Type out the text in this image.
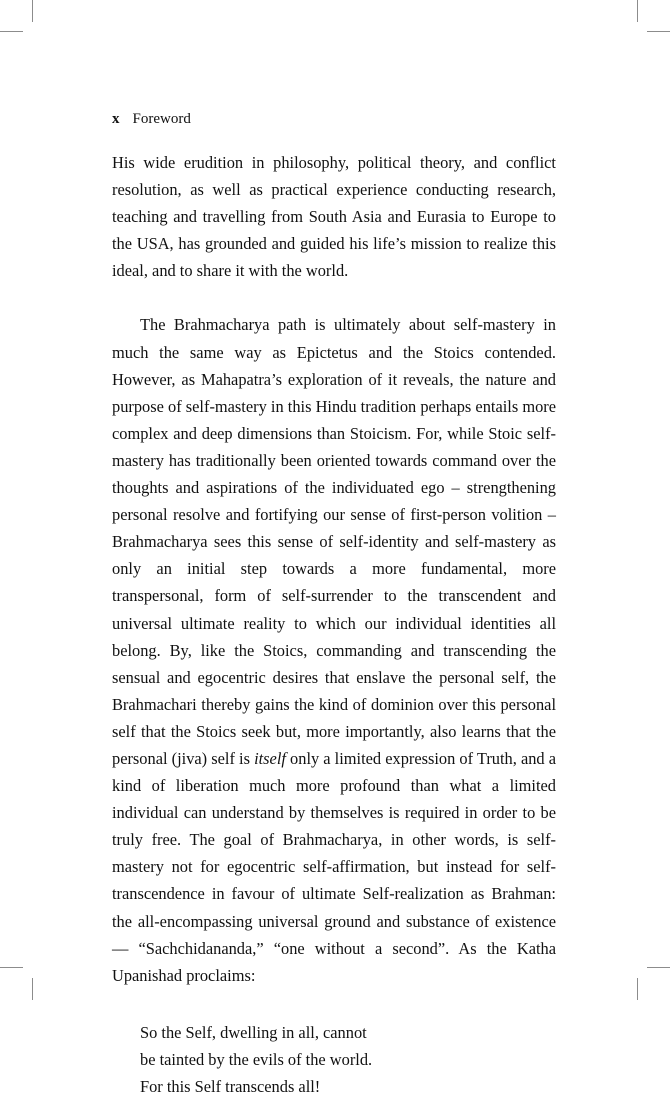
x Foreword

His wide erudition in philosophy, political theory, and conflict resolution, as well as practical experience conducting research, teaching and travelling from South Asia and Eurasia to Europe to the USA, has grounded and guided his life’s mission to realize this ideal, and to share it with the world.

The Brahmacharya path is ultimately about self-mastery in much the same way as Epictetus and the Stoics contended. However, as Mahapatra’s exploration of it reveals, the nature and purpose of self-mastery in this Hindu tradition perhaps entails more complex and deep dimensions than Stoicism. For, while Stoic self-mastery has traditionally been oriented towards command over the thoughts and aspirations of the individuated ego – strengthening personal resolve and fortifying our sense of first-person volition – Brahmacharya sees this sense of self-identity and self-mastery as only an initial step towards a more fundamental, more transpersonal, form of self-surrender to the transcendent and universal ultimate reality to which our individual identities all belong. By, like the Stoics, commanding and transcending the sensual and egocentric desires that enslave the personal self, the Brahmachari thereby gains the kind of dominion over this personal self that the Stoics seek but, more importantly, also learns that the personal (jiva) self is itself only a limited expression of Truth, and a kind of liberation much more profound than what a limited individual can understand by themselves is required in order to be truly free. The goal of Brahmacharya, in other words, is self-mastery not for egocentric self-affirmation, but instead for self-transcendence in favour of ultimate Self-realization as Brahman: the all-encompassing universal ground and substance of existence— “Sachchidananda,” “one without a second”. As the Katha Upanishad proclaims:

So the Self, dwelling in all, cannot
be tainted by the evils of the world.
For this Self transcends all!
